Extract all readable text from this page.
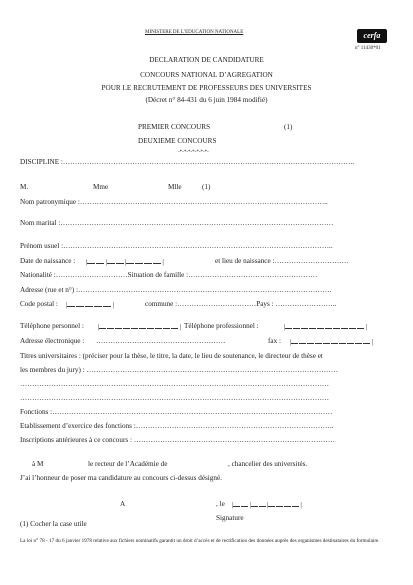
MINISTERE DE L’EDUCATION NATIONALE	cerfa
n° 11430*01
DECLARATION DE CANDIDATURE
CONCOURS NATIONAL D’AGREGATION
POUR LE RECRUTEMENT DE PROFESSEURS DES UNIVERSITES
(Décret n° 84-431 du 6 juin 1984 modifié)
PREMIER CONCOURS	(1)
DEUXIEME CONCOURS
-*-*-*-*-*-*-*-
DISCIPLINE :…………………………………………………………………………………………………………..
M.	Mme	Mlle	(1)
Nom patronymique :…………………………………………………………………………………………..
Nom marital :……………………………………………………………………………………………………
Prénom usuel :…………………………………………………………………………………………………..
Date de naissance : |	|	|	|	et lieu de naissance :………………………….
Nationalité :…………………………Situation de famille :………………………………………………
Adresse (rue et n°) :…………………………………………………………………………………………….
Code postal : |	|	commune :……………………………Pays : ……………………..
Téléphone personnel : |	| Téléphone professionnel :	|	|
Adresse électronique : ………………………………………………	fax : |	|
Titres universitaires : (préciser pour la thèse, le titre, la date, le lieu de soutenance, le directeur de thèse et
les membres du jury) : ……………………………………………………………………………………………
…………………………………………………………………………………………………………………
…………………………………………………………………………………………………………………
Fonctions :………………………………………………………………………………………………………
Etablissement d’exercice des fonctions :………………………………………………………………………..
Inscriptions antérieures à ce concours : …………………………………………………………………………
à M	le recteur de l’Académie de	, chancelier des universités.
J’ai l’honneur de poser ma candidature au concours ci-dessus désigné.
A	, le | | |	|
Signature
(1) Cocher la case utile
La loi n° 78 - 17 du 6 janvier 1978 relative aux fichiers nominatifs garantit un droit d’accès et de rectification des données auprès des organismes destinataires du formulaire.
